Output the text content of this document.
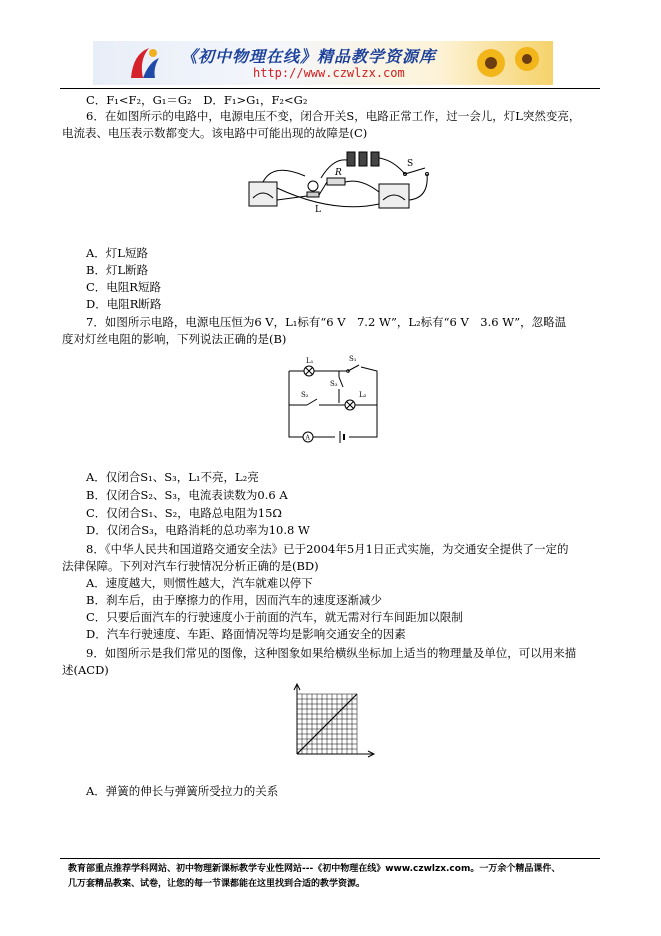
《初中物理在线》精品教学资源库
http://www.czwlzx.com
C．F₁<F₂，G₁＝G₂　D．F₁>G₁，F₂<G₂
6．在如图所示的电路中，电源电压不变，闭合开关S，电路正常工作，过一会儿，灯L突然变亮，
电流表、电压表示数都变大。该电路中可能出现的故障是(C)
L
R
S
A．灯L短路
B．灯L断路
C．电阻R短路
D．电阻R断路
7．如图所示电路，电源电压恒为6 V，L₁标有“6 V　7.2 W”，L₂标有“6 V　3.6 W”，忽略温
度对灯丝电阻的影响，下列说法正确的是(B)
L₁	S₁
S₃
S₂	L₂
A
A．仅闭合S₁、S₃，L₁不亮，L₂亮
B．仅闭合S₂、S₃，电流表读数为0.6 A
C．仅闭合S₁、S₂，电路总电阻为15Ω
D．仅闭合S₃，电路消耗的总功率为10.8 W
8．《中华人民共和国道路交通安全法》已于2004年5月1日正式实施，为交通安全提供了一定的
法律保障。下列对汽车行驶情况分析正确的是(BD)
A．速度越大，则惯性越大，汽车就难以停下
B．刹车后，由于摩擦力的作用，因而汽车的速度逐渐减少
C．只要后面汽车的行驶速度小于前面的汽车，就无需对行车间距加以限制
D．汽车行驶速度、车距、路面情况等均是影响交通安全的因素
9．如图所示是我们常见的图像，这种图象如果给横纵坐标加上适当的物理量及单位，可以用来描
述(ACD)
A．弹簧的伸长与弹簧所受拉力的关系
教育部重点推荐学科网站、初中物理新课标教学专业性网站---《初中物理在线》www.czwlzx.com。一万余个精品课件、
几万套精品教案、试卷，让您的每一节课都能在这里找到合适的教学资源。
